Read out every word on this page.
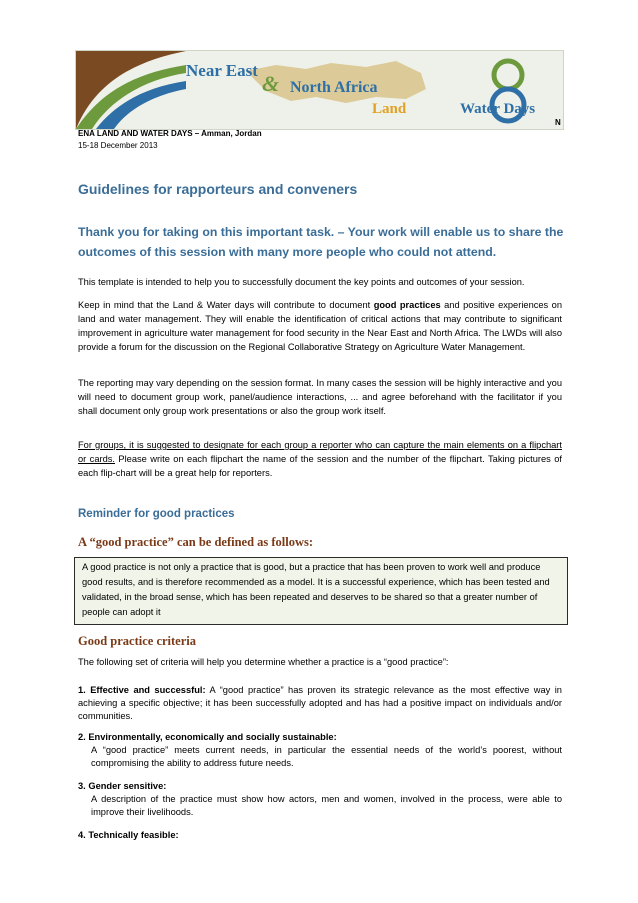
Near East
& North Africa
Land	Water Days
N
ENA LAND AND WATER DAYS – Amman, Jordan
15-18 December 2013
Guidelines for rapporteurs and conveners
Thank you for taking on this important task. – Your work will enable us to share the outcomes of this session with many more people who could not attend.
This template is intended to help you to successfully document the key points and outcomes of your session.
Keep in mind that the Land & Water days will contribute to document good practices and positive experiences on land and water management. They will enable the identification of critical actions that may contribute to significant improvement in agriculture water management for food security in the Near East and North Africa. The LWDs will also provide a forum for the discussion on the Regional Collaborative Strategy on Agriculture Water Management.
The reporting may vary depending on the session format. In many cases the session will be highly interactive and you will need to document group work, panel/audience interactions, ... and agree beforehand with the facilitator if you shall document only group work presentations or also the group work itself.
For groups, it is suggested to designate for each group a reporter who can capture the main elements on a flipchart or cards. Please write on each flipchart the name of the session and the number of the flipchart. Taking pictures of each flip-chart will be a great help for reporters.
Reminder for good practices
A “good practice” can be defined as follows:
A good practice is not only a practice that is good, but a practice that has been proven to work well and produce good results, and is therefore recommended as a model. It is a successful experience, which has been tested and validated, in the broad sense, which has been repeated and deserves to be shared so that a greater number of people can adopt it
Good practice criteria
The following set of criteria will help you determine whether a practice is a “good practice”:
1. Effective and successful: A “good practice” has proven its strategic relevance as the most effective way in achieving a specific objective; it has been successfully adopted and has had a positive impact on individuals and/or communities.
2. Environmentally, economically and socially sustainable:
A “good practice” meets current needs, in particular the essential needs of the world’s poorest, without compromising the ability to address future needs.
3. Gender sensitive:
A description of the practice must show how actors, men and women, involved in the process, were able to improve their livelihoods.
4. Technically feasible:
